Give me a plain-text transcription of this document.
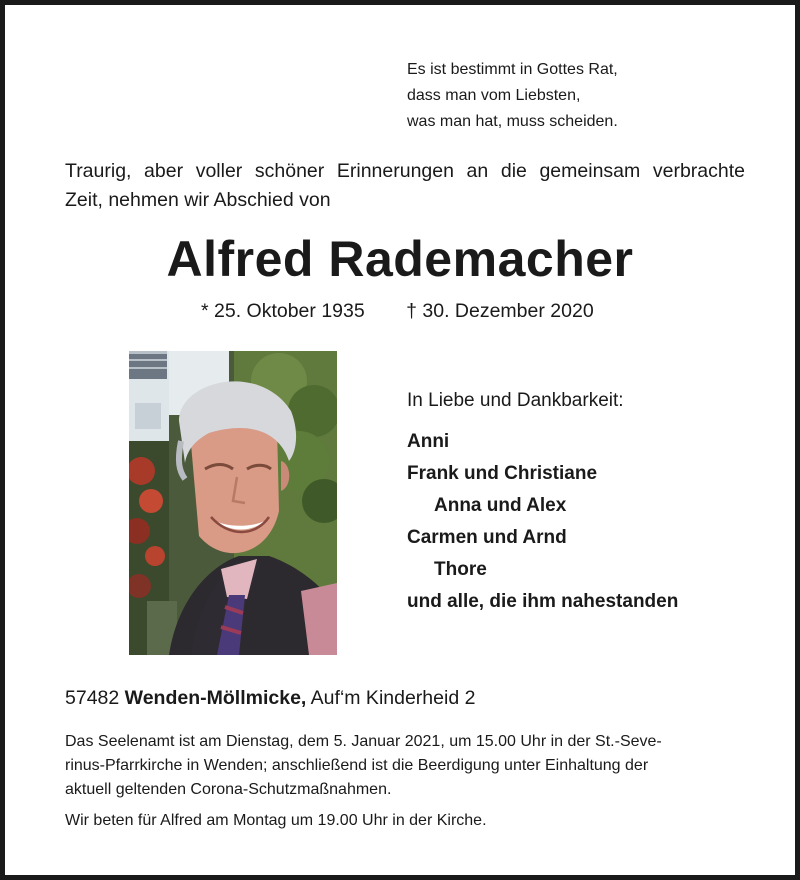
Es ist bestimmt in Gottes Rat,
dass man vom Liebsten,
was man hat, muss scheiden.
Traurig, aber voller schöner Erinnerungen an die gemeinsam verbrachte
Zeit, nehmen wir Abschied von
Alfred Rademacher
* 25. Oktober 1935 † 30. Dezember 2020
In Liebe und Dankbarkeit:
Anni
Frank und Christiane
Anna und Alex
Carmen und Arnd
Thore
und alle, die ihm nahestanden
57482 Wenden-Möllmicke, Auf‘m Kinderheid 2
Das Seelenamt ist am Dienstag, dem 5. Januar 2021, um 15.00 Uhr in der St.-Seve-
rinus-Pfarrkirche in Wenden; anschließend ist die Beerdigung unter Einhaltung der
aktuell geltenden Corona-Schutzmaßnahmen.
Wir beten für Alfred am Montag um 19.00 Uhr in der Kirche.
